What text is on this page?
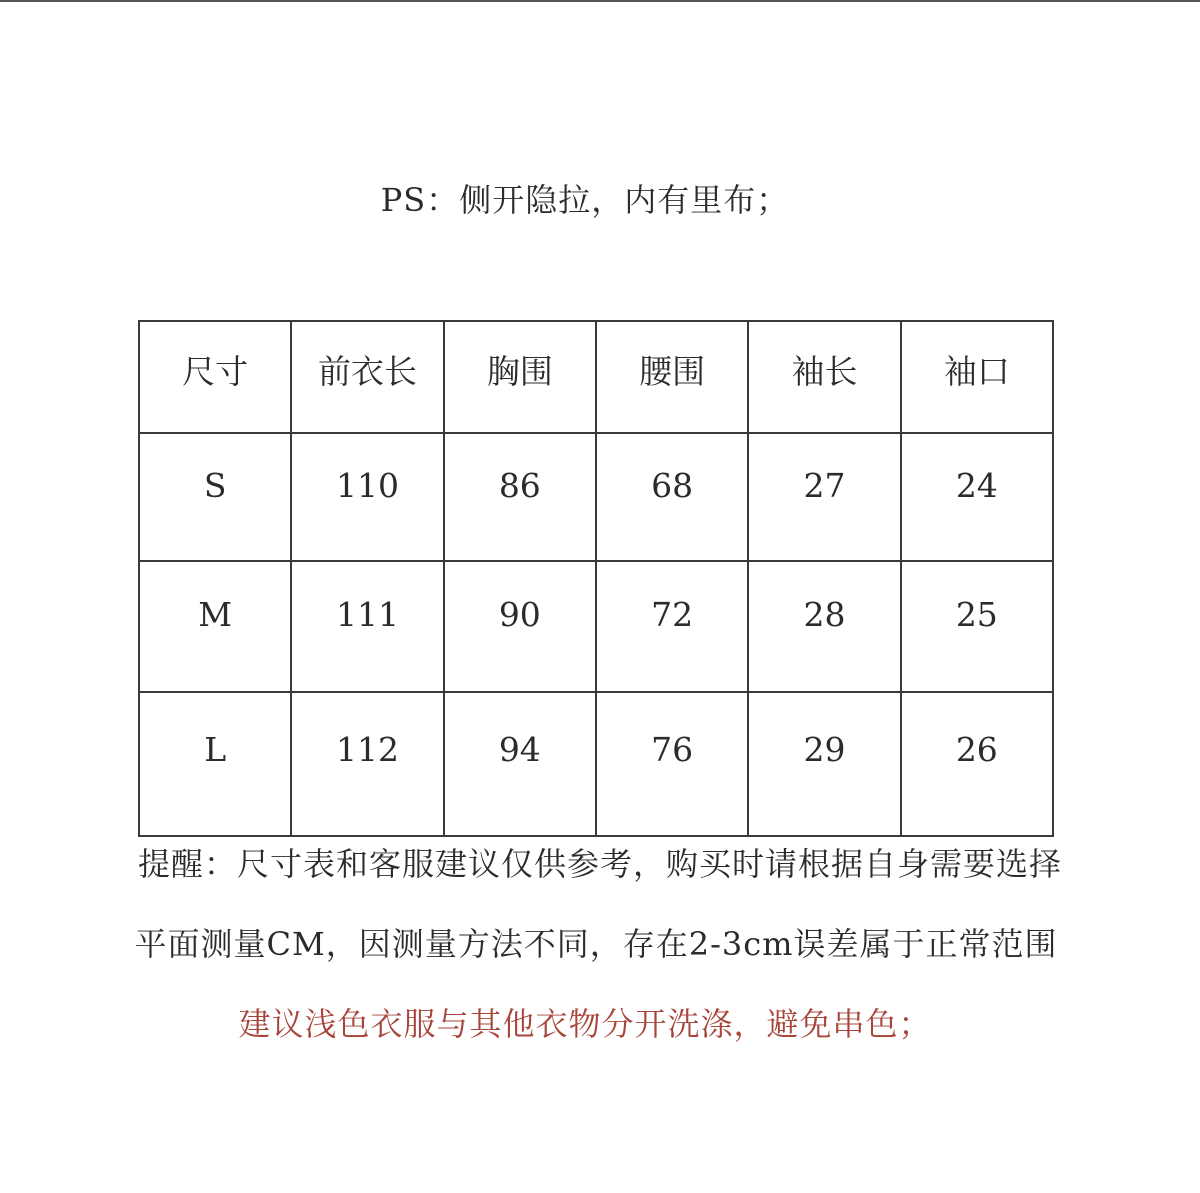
PS：侧开隐拉，内有里布；
尺寸	前衣长	胸围	腰围	袖长	袖口
S	110	86	68	27	24
M	111	90	72	28	25
L	112	94	76	29	26
提醒：尺寸表和客服建议仅供参考，购买时请根据自身需要选择
平面测量CM，因测量方法不同，存在2-3cm误差属于正常范围
建议浅色衣服与其他衣物分开洗涤，避免串色；
